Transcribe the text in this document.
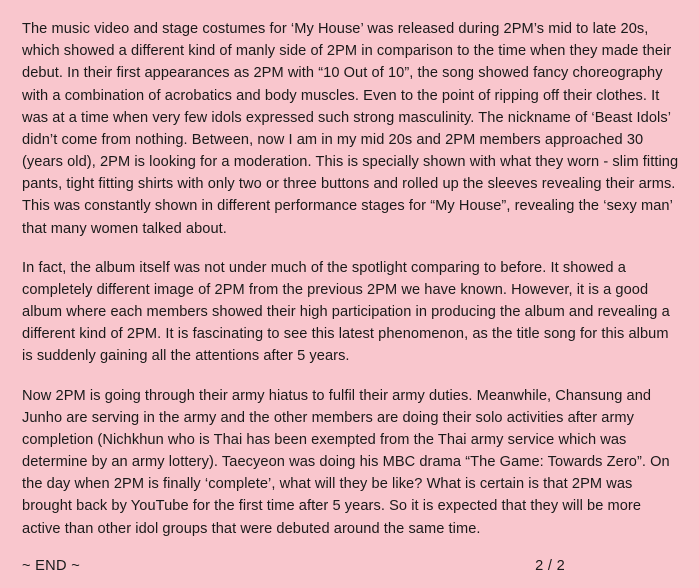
The music video and stage costumes for ‘My House’ was released during 2PM’s mid to late 20s, which showed a different kind of manly side of 2PM in comparison to the time when they made their debut. In their first appearances as 2PM with “10 Out of 10”, the song showed fancy choreography with a combination of acrobatics and body muscles. Even to the point of ripping off their clothes. It was at a time when very few idols expressed such strong masculinity. The nickname of ‘Beast Idols’ didn’t come from nothing. Between, now I am in my mid 20s and 2PM members approached 30 (years old), 2PM is looking for a moderation. This is specially shown with what they worn - slim fitting pants, tight fitting shirts with only two or three buttons and rolled up the sleeves revealing their arms. This was constantly shown in different performance stages for “My House”, revealing the ‘sexy man’ that many women talked about.

In fact, the album itself was not under much of the spotlight comparing to before. It showed a completely different image of 2PM from the previous 2PM we have known. However, it is a good album where each members showed their high participation in producing the album and revealing a different kind of 2PM. It is fascinating to see this latest phenomenon, as the title song for this album is suddenly gaining all the attentions after 5 years.

Now 2PM is going through their army hiatus to fulfil their army duties. Meanwhile, Chansung and Junho are serving in the army and the other members are doing their solo activities after army completion (Nichkhun who is Thai has been exempted from the Thai army service which was determine by an army lottery). Taecyeon was doing his MBC drama “The Game: Towards Zero”. On the day when 2PM is finally ‘complete’, what will they be like? What is certain is that 2PM was brought back by YouTube for the first time after 5 years. So it is expected that they will be more active than other idol groups that were debuted around the same time.

~ END ~	2 / 2
